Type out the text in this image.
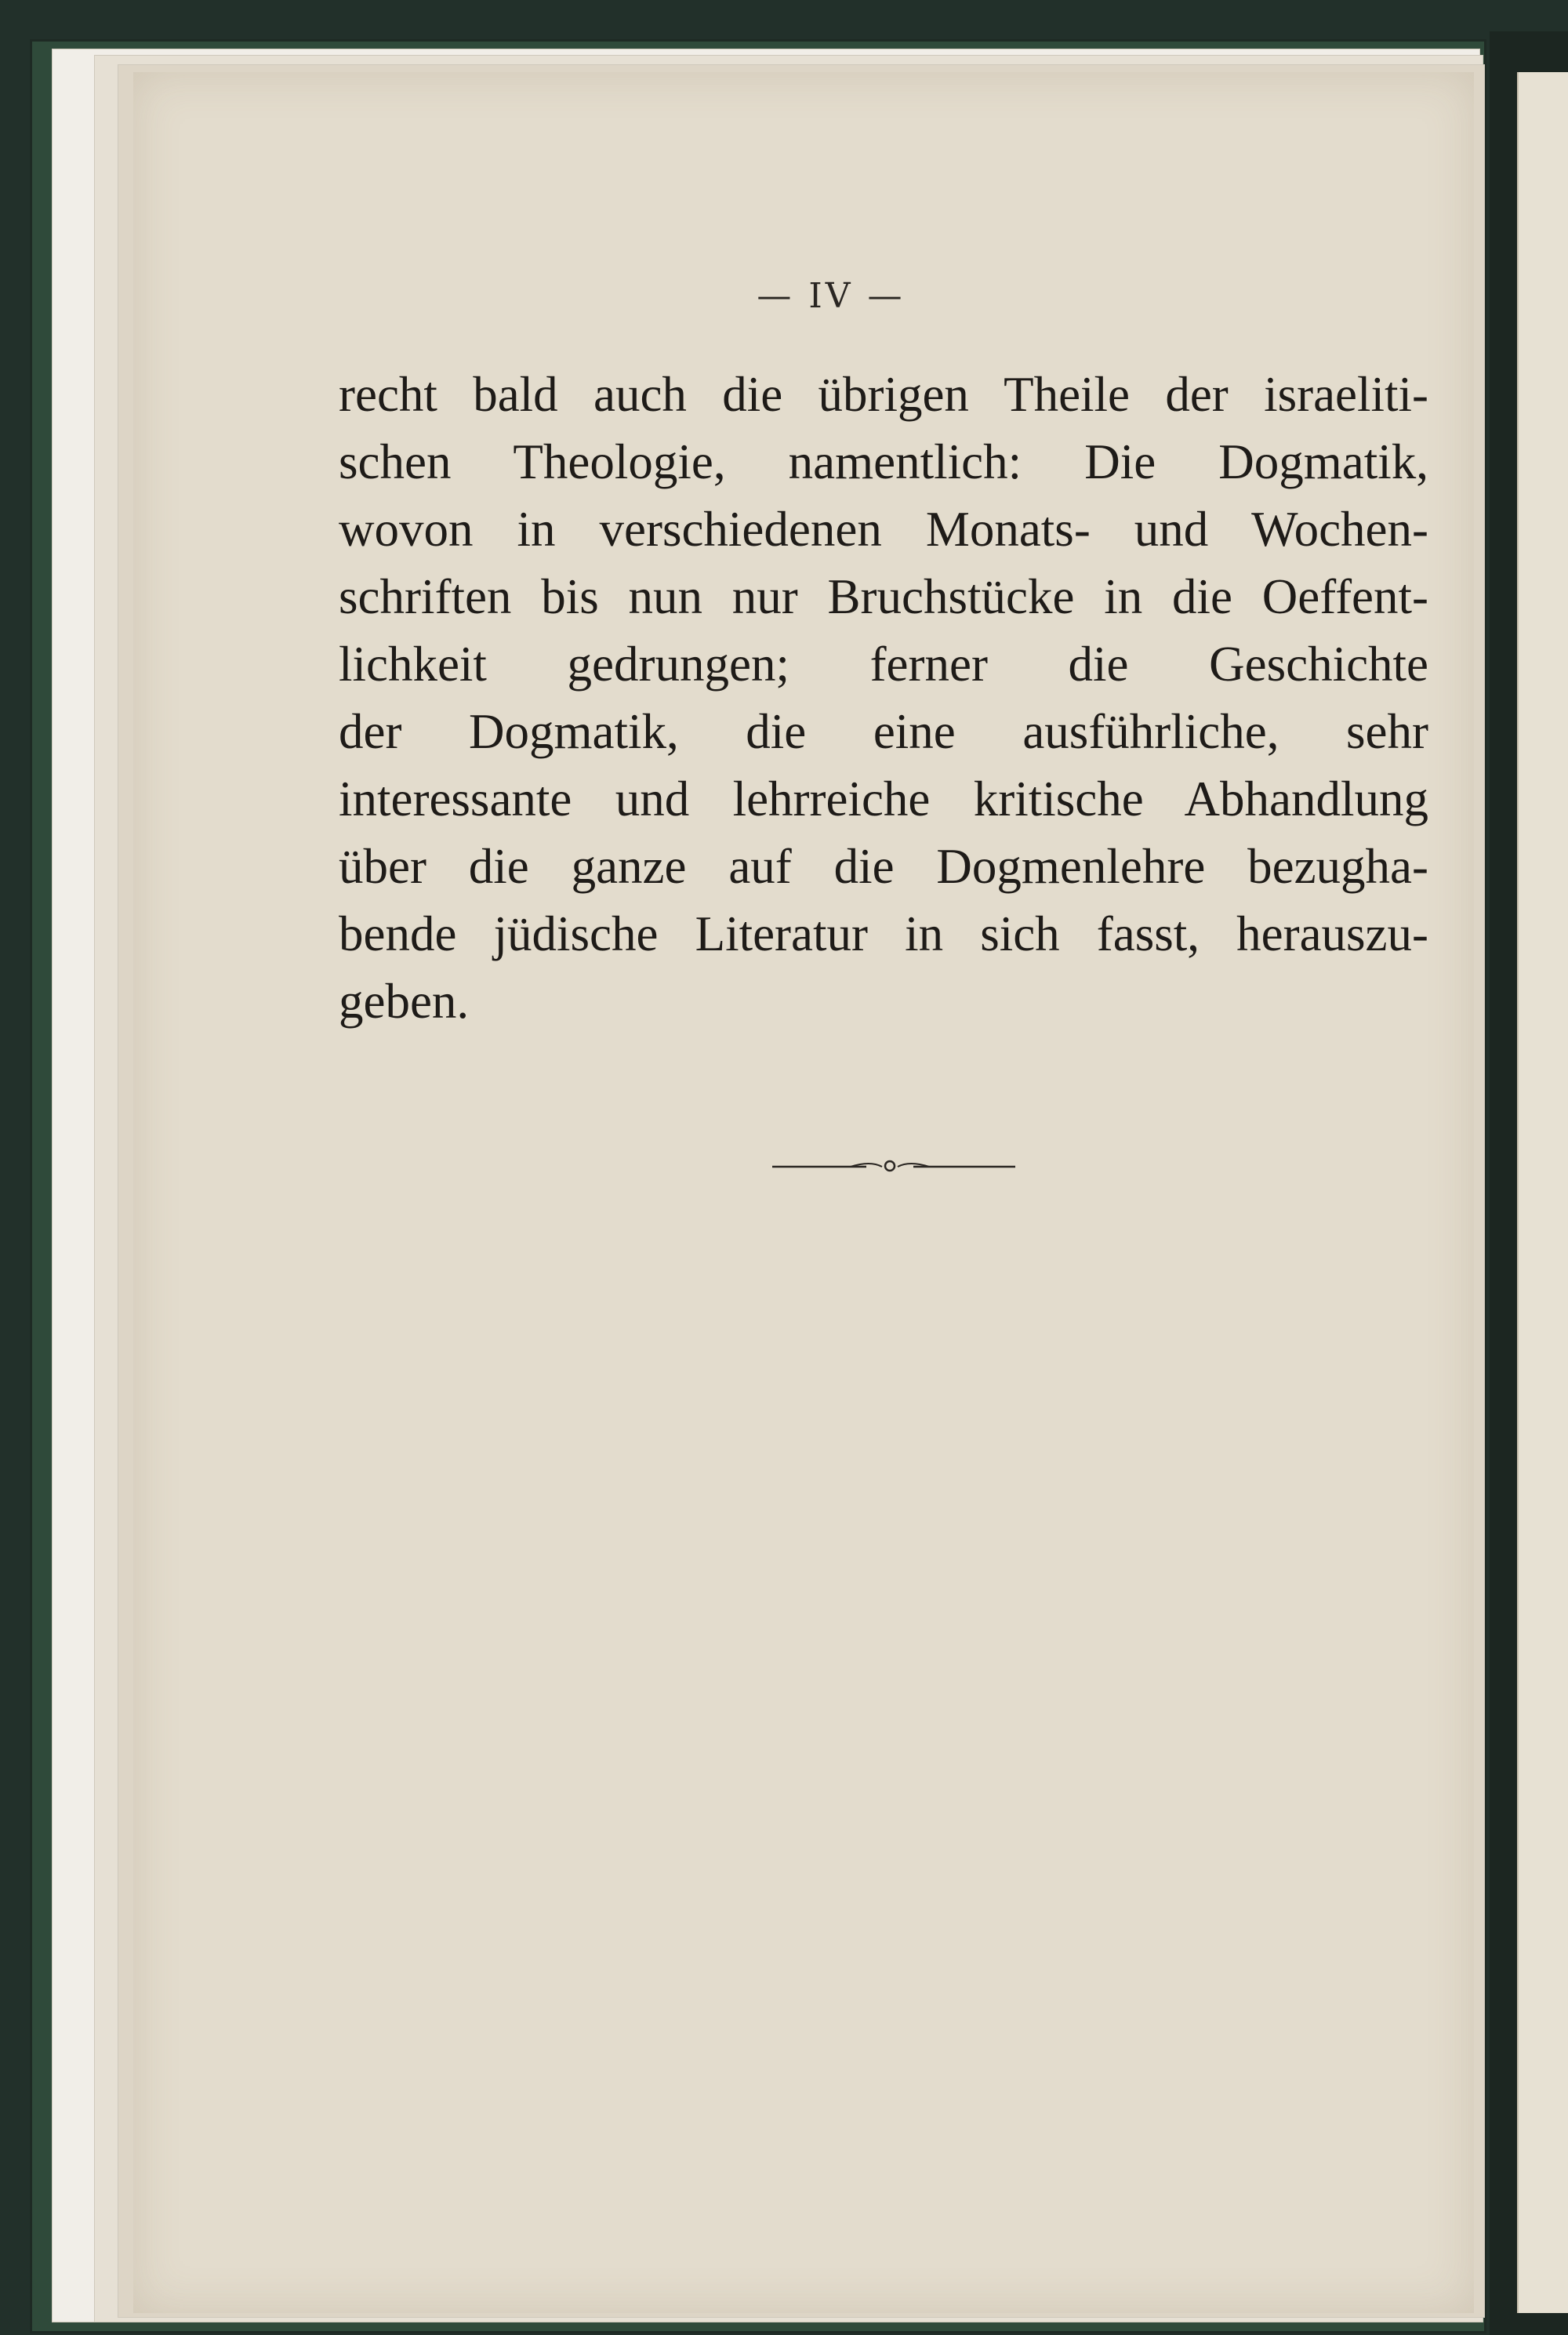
— IV —
recht bald auch die übrigen Theile der israeliti-
schen Theologie, namentlich: Die Dogmatik,
wovon in verschiedenen Monats- und Wochen-
schriften bis nun nur Bruchstücke in die Oeffent-
lichkeit gedrungen; ferner die Geschichte
der Dogmatik, die eine ausführliche, sehr
interessante und lehrreiche kritische Abhandlung
über die ganze auf die Dogmenlehre bezugha-
bende jüdische Literatur in sich fasst, herauszu-
geben.
